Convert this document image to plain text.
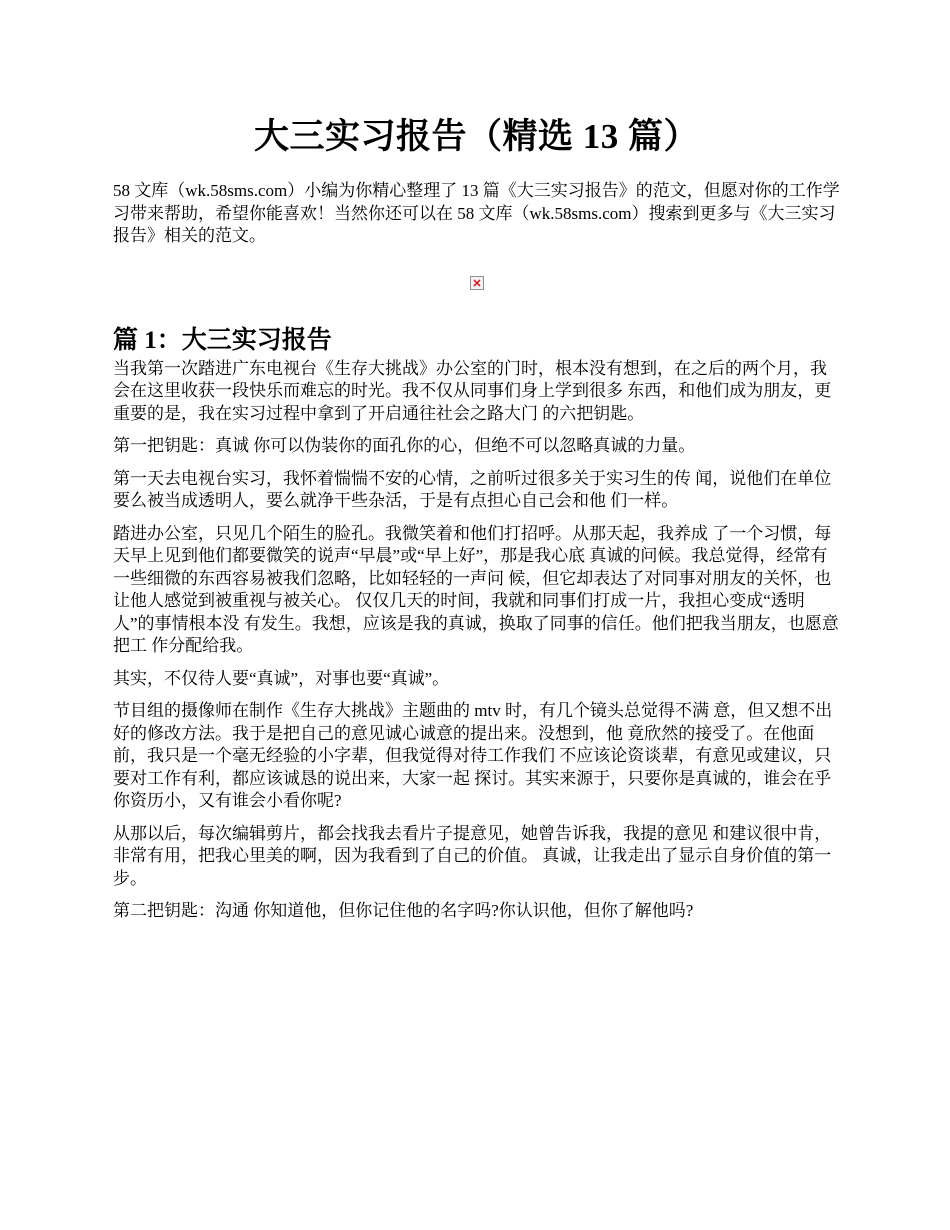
大三实习报告（精选 13 篇）

58 文库（wk.58sms.com）小编为你精心整理了 13 篇《大三实习报告》的范文，但愿对你的工作学习带来帮助，希望你能喜欢！当然你还可以在 58 文库（wk.58sms.com）搜索到更多与《大三实习报告》相关的范文。

篇 1：大三实习报告

当我第一次踏进广东电视台《生存大挑战》办公室的门时，根本没有想到，在之后的两个月，我会在这里收获一段快乐而难忘的时光。我不仅从同事们身上学到很多 东西，和他们成为朋友，更重要的是，我在实习过程中拿到了开启通往社会之路大门 的六把钥匙。

第一把钥匙：真诚 你可以伪装你的面孔你的心，但绝不可以忽略真诚的力量。

第一天去电视台实习，我怀着惴惴不安的心情，之前听过很多关于实习生的传 闻，说他们在单位要么被当成透明人，要么就净干些杂活，于是有点担心自己会和他 们一样。

踏进办公室，只见几个陌生的脸孔。我微笑着和他们打招呼。从那天起，我养成 了一个习惯，每天早上见到他们都要微笑的说声“早晨”或“早上好”，那是我心底 真诚的问候。我总觉得，经常有一些细微的东西容易被我们忽略，比如轻轻的一声问 候，但它却表达了对同事对朋友的关怀，也让他人感觉到被重视与被关心。 仅仅几天的时间，我就和同事们打成一片，我担心变成“透明人”的事情根本没 有发生。我想，应该是我的真诚，换取了同事的信任。他们把我当朋友，也愿意把工 作分配给我。

其实，不仅待人要“真诚”，对事也要“真诚”。

节目组的摄像师在制作《生存大挑战》主题曲的 mtv 时，有几个镜头总觉得不满 意，但又想不出好的修改方法。我于是把自己的意见诚心诚意的提出来。没想到，他 竟欣然的接受了。在他面前，我只是一个毫无经验的小字辈，但我觉得对待工作我们 不应该论资谈辈，有意见或建议，只要对工作有利，都应该诚恳的说出来，大家一起 探讨。其实来源于，只要你是真诚的，谁会在乎你资历小，又有谁会小看你呢?

从那以后，每次编辑剪片，都会找我去看片子提意见，她曾告诉我，我提的意见 和建议很中肯，非常有用，把我心里美的啊，因为我看到了自己的价值。 真诚，让我走出了显示自身价值的第一步。

第二把钥匙：沟通 你知道他，但你记住他的名字吗?你认识他，但你了解他吗?
